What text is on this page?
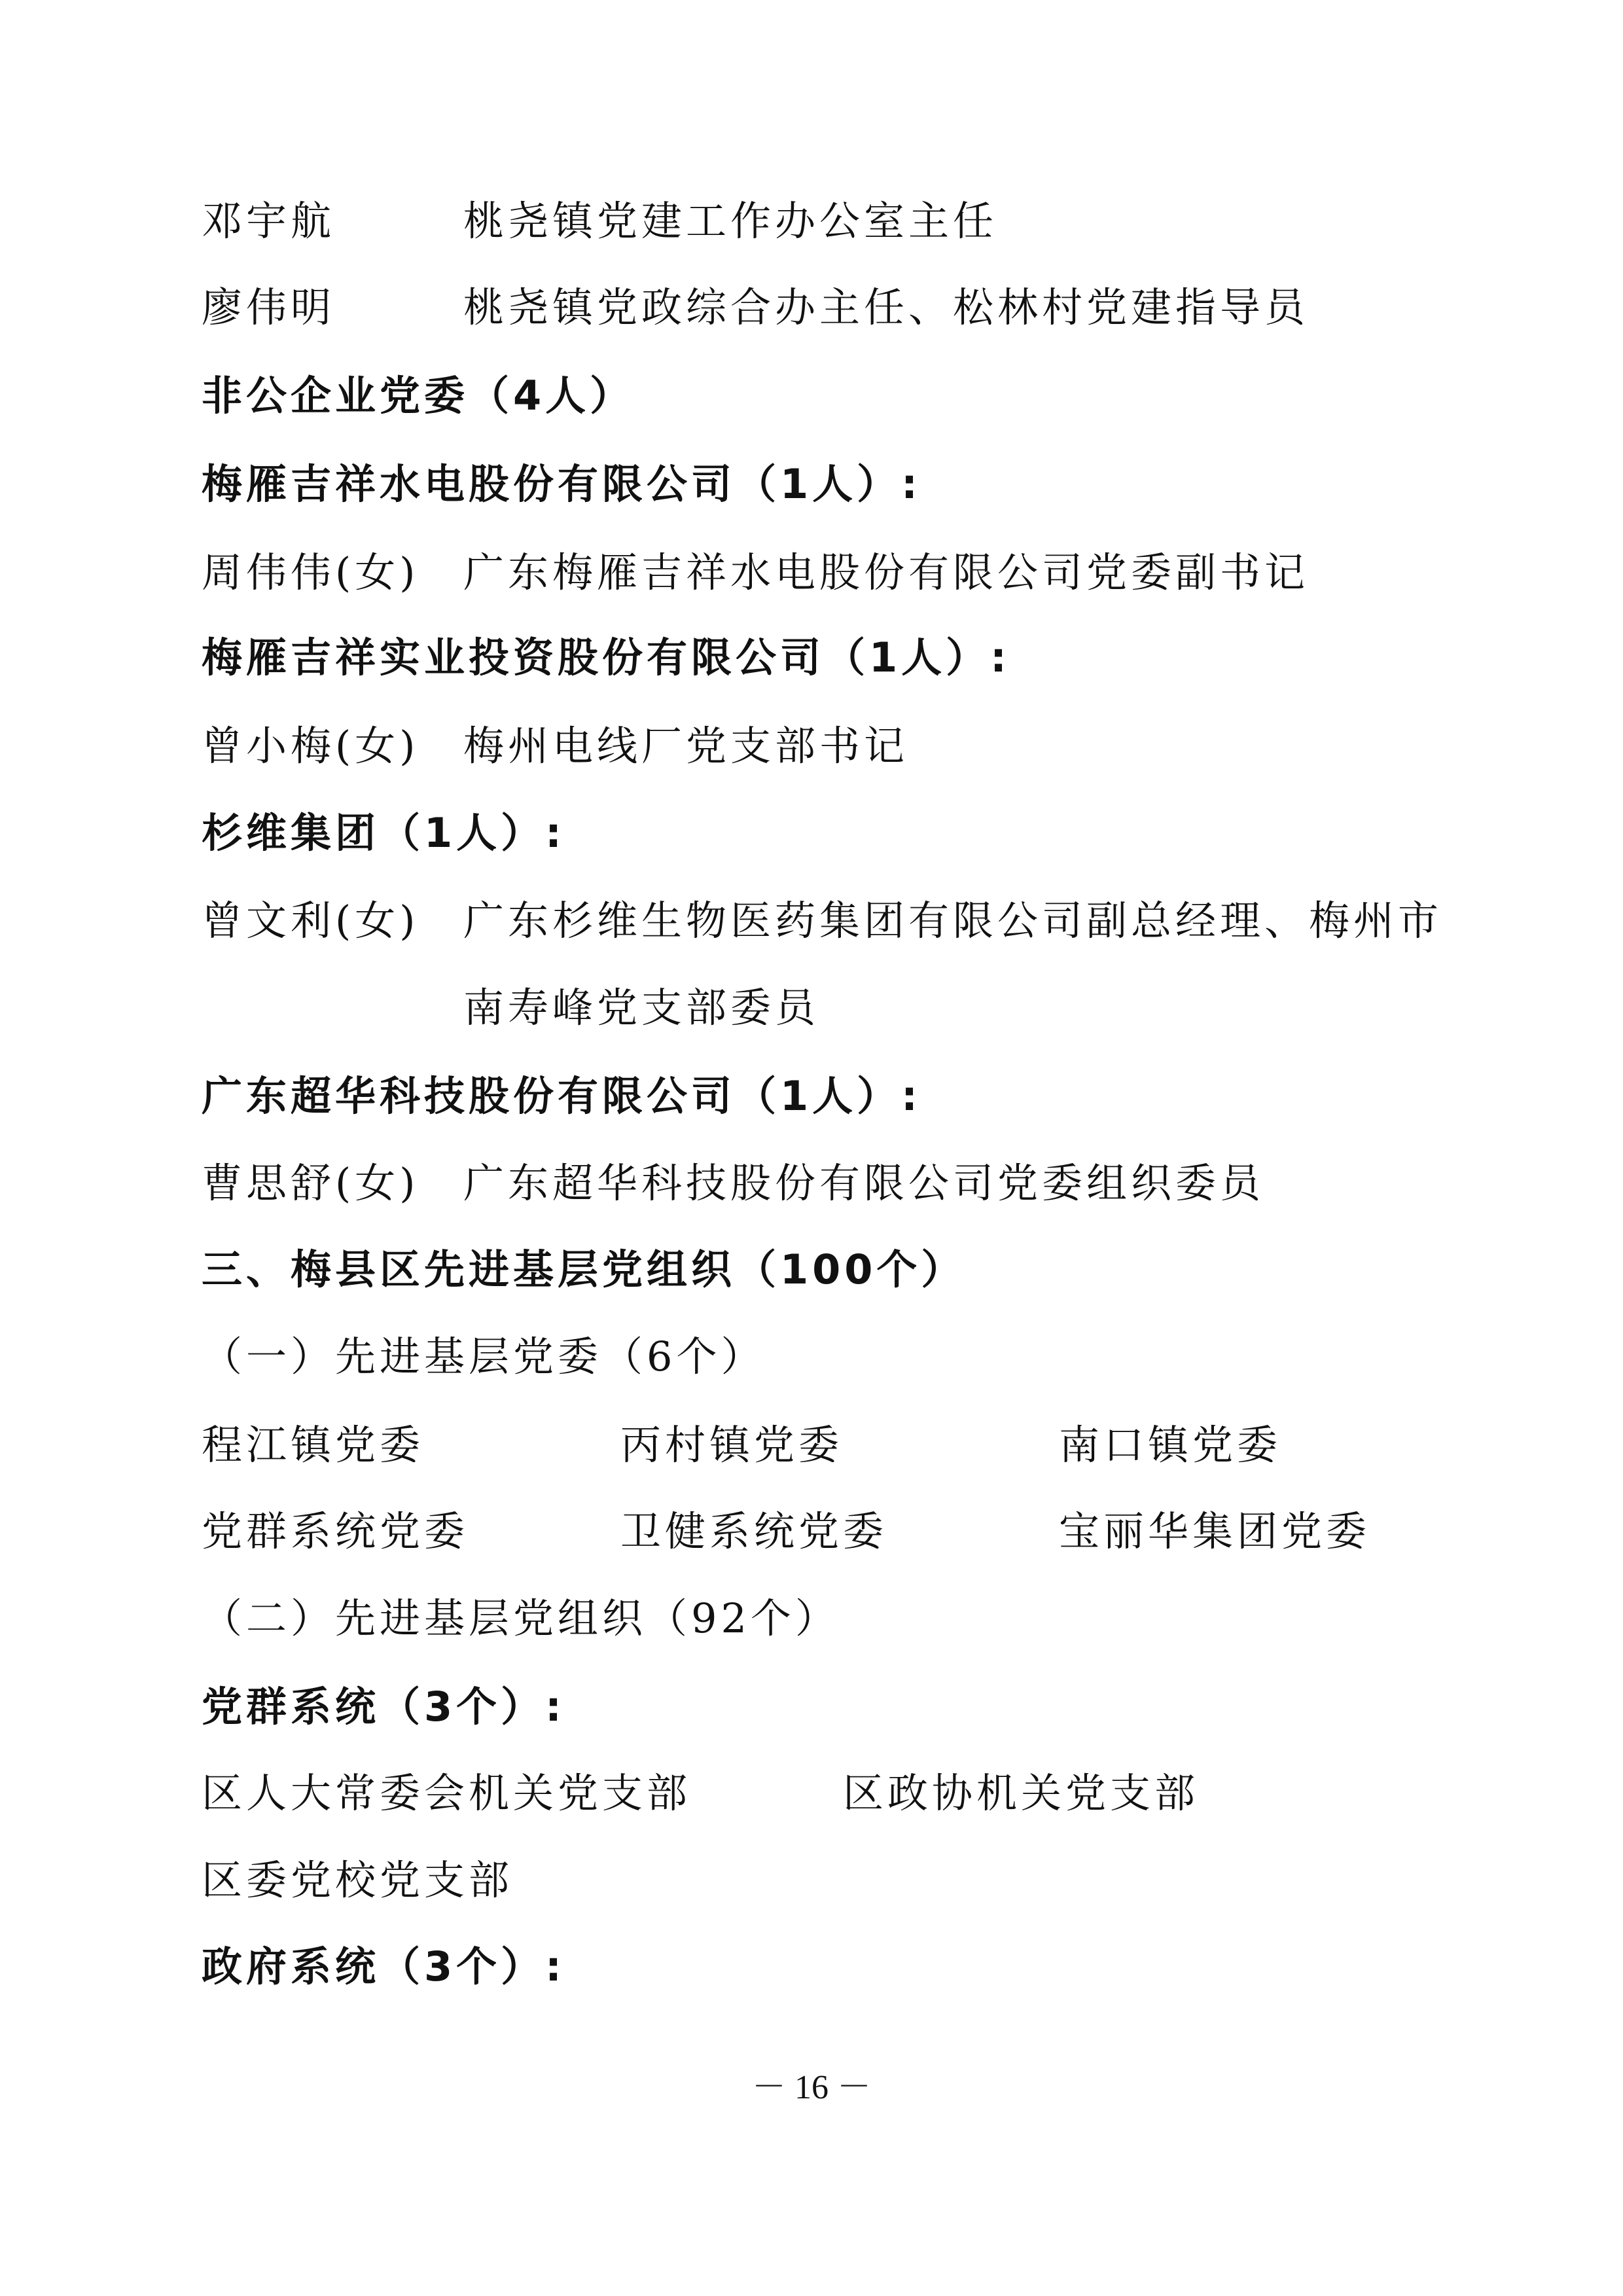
邓宇航	桃尧镇党建工作办公室主任
廖伟明	桃尧镇党政综合办主任、松林村党建指导员
非公企业党委（4人）
梅雁吉祥水电股份有限公司（1人）:
周伟伟(女) 广东梅雁吉祥水电股份有限公司党委副书记
梅雁吉祥实业投资股份有限公司（1人）:
曾小梅(女) 梅州电线厂党支部书记
杉维集团（1人）:
曾文利(女) 广东杉维生物医药集团有限公司副总经理、梅州市
南寿峰党支部委员
广东超华科技股份有限公司（1人）:
曹思舒(女) 广东超华科技股份有限公司党委组织委员
三、梅县区先进基层党组织（100个）
（一）先进基层党委（6个）
程江镇党委	丙村镇党委	南口镇党委
党群系统党委	卫健系统党委	宝丽华集团党委
（二）先进基层党组织（92个）
党群系统（3个）:
区人大常委会机关党支部	区政协机关党支部
区委党校党支部
政府系统（3个）:
－ 16 －
